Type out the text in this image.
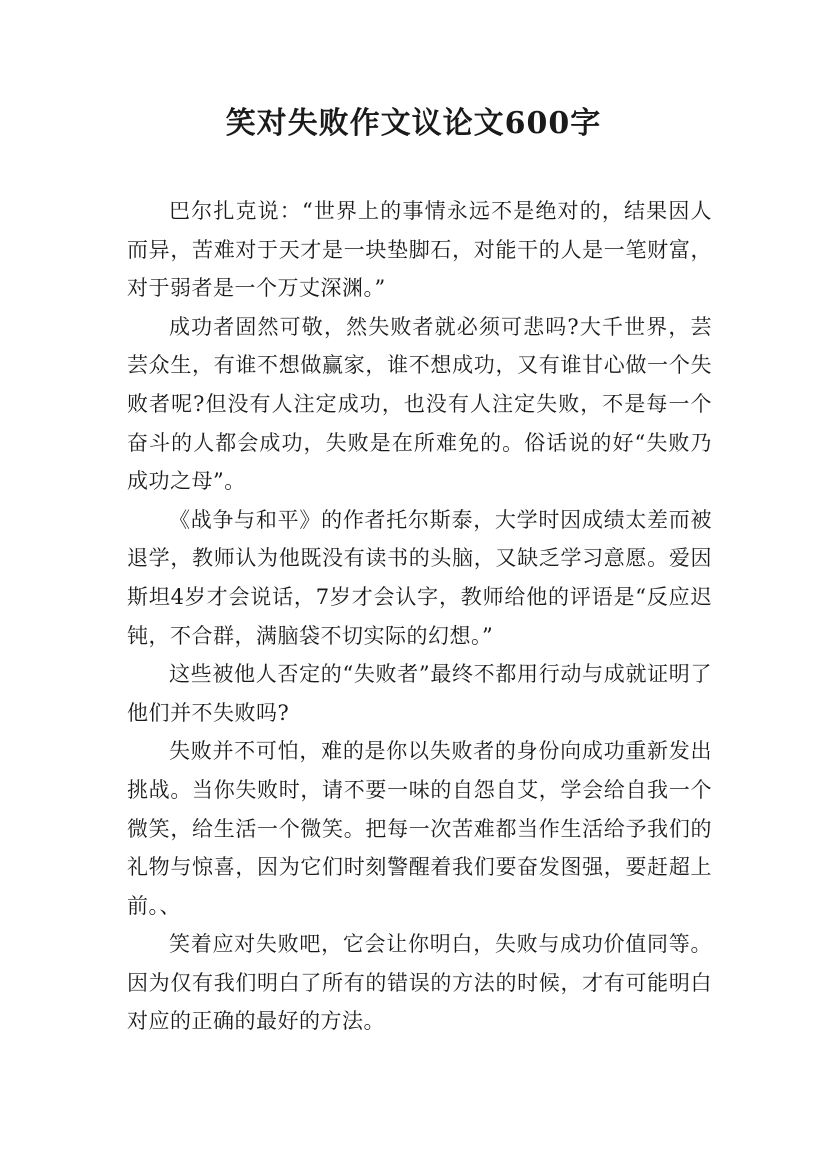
笑对失败作文议论文600字

巴尔扎克说：“世界上的事情永远不是绝对的，结果因人而异，苦难对于天才是一块垫脚石，对能干的人是一笔财富，对于弱者是一个万丈深渊。”

成功者固然可敬，然失败者就必须可悲吗?大千世界，芸芸众生，有谁不想做赢家，谁不想成功，又有谁甘心做一个失败者呢?但没有人注定成功，也没有人注定失败，不是每一个奋斗的人都会成功，失败是在所难免的。俗话说的好“失败乃成功之母”。

《战争与和平》的作者托尔斯泰，大学时因成绩太差而被退学，教师认为他既没有读书的头脑，又缺乏学习意愿。爱因斯坦4岁才会说话，7岁才会认字，教师给他的评语是“反应迟钝，不合群，满脑袋不切实际的幻想。”

这些被他人否定的“失败者”最终不都用行动与成就证明了他们并不失败吗?

失败并不可怕，难的是你以失败者的身份向成功重新发出挑战。当你失败时，请不要一味的自怨自艾，学会给自我一个微笑，给生活一个微笑。把每一次苦难都当作生活给予我们的礼物与惊喜，因为它们时刻警醒着我们要奋发图强，要赶超上前。、

笑着应对失败吧，它会让你明白，失败与成功价值同等。因为仅有我们明白了所有的错误的方法的时候，才有可能明白对应的正确的最好的方法。
